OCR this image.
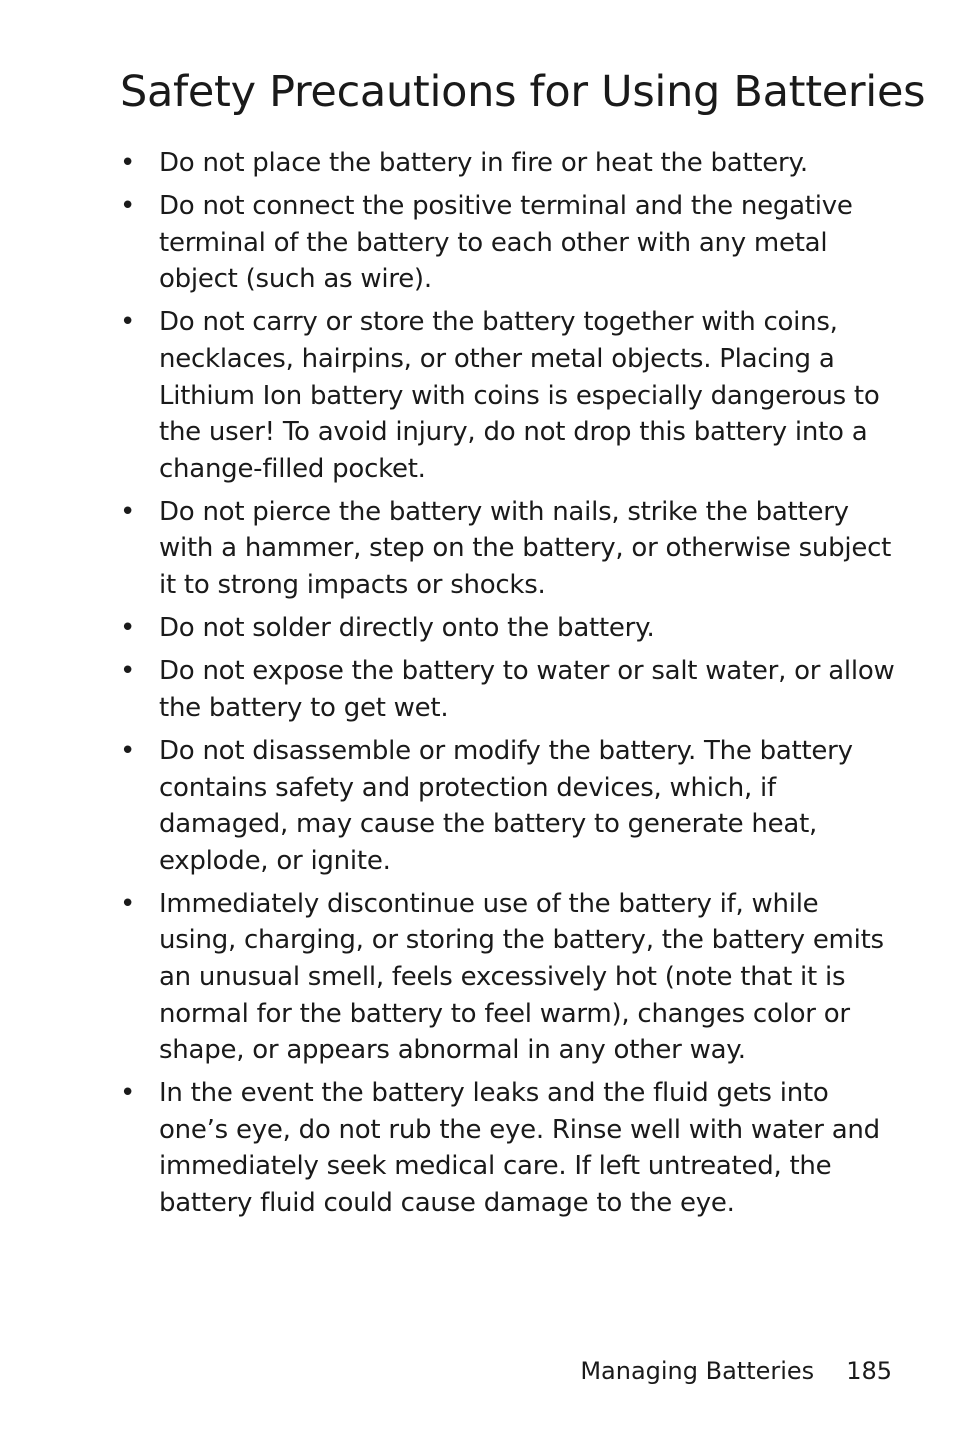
Safety Precautions for Using Batteries
• Do not place the battery in fire or heat the battery.
• Do not connect the positive terminal and the negative terminal of the battery to each other with any metal object (such as wire).
• Do not carry or store the battery together with coins, necklaces, hairpins, or other metal objects. Placing a Lithium Ion battery with coins is especially dangerous to the user! To avoid injury, do not drop this battery into a change-filled pocket.
• Do not pierce the battery with nails, strike the battery with a hammer, step on the battery, or otherwise subject it to strong impacts or shocks.
• Do not solder directly onto the battery.
• Do not expose the battery to water or salt water, or allow the battery to get wet.
• Do not disassemble or modify the battery. The battery contains safety and protection devices, which, if damaged, may cause the battery to generate heat, explode, or ignite.
• Immediately discontinue use of the battery if, while using, charging, or storing the battery, the battery emits an unusual smell, feels excessively hot (note that it is normal for the battery to feel warm), changes color or shape, or appears abnormal in any other way.
• In the event the battery leaks and the fluid gets into one’s eye, do not rub the eye. Rinse well with water and immediately seek medical care. If left untreated, the battery fluid could cause damage to the eye.
Managing Batteries 185
